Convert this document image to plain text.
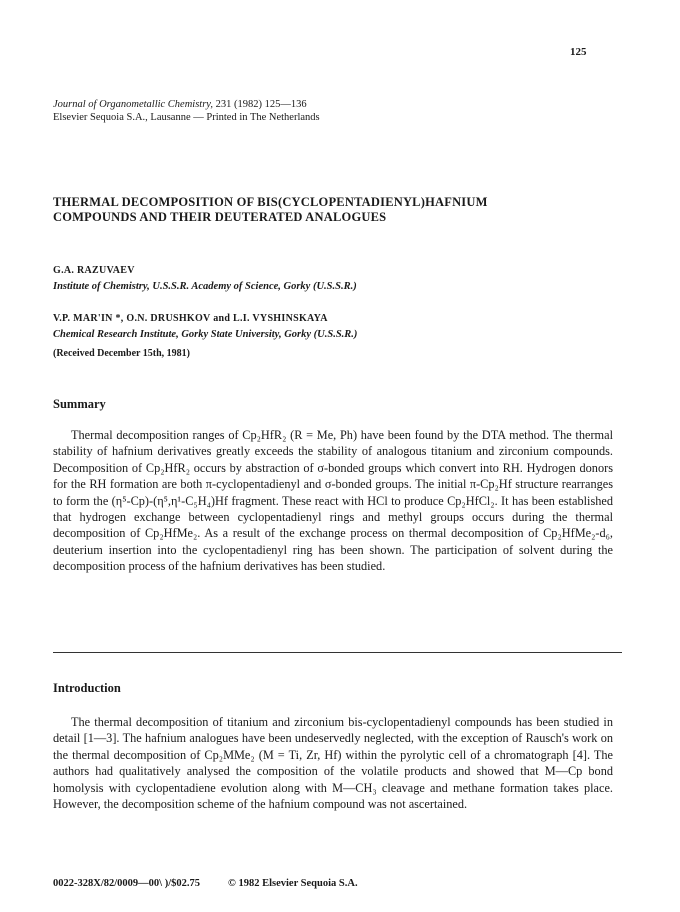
125
Journal of Organometallic Chemistry, 231 (1982) 125—136
Elsevier Sequoia S.A., Lausanne — Printed in The Netherlands
THERMAL DECOMPOSITION OF BIS(CYCLOPENTADIENYL)HAFNIUM
COMPOUNDS AND THEIR DEUTERATED ANALOGUES
G.A. RAZUVAEV
Institute of Chemistry, U.S.S.R. Academy of Science, Gorky (U.S.S.R.)
V.P. MAR'IN *, O.N. DRUSHKOV and L.I. VYSHINSKAYA
Chemical Research Institute, Gorky State University, Gorky (U.S.S.R.)
(Received December 15th, 1981)
Summary
Thermal decomposition ranges of Cp₂HfR₂ (R = Me, Ph) have been found by the DTA method. The thermal stability of hafnium derivatives greatly exceeds the stability of analogous titanium and zirconium compounds. Decomposition of Cp₂HfR₂ occurs by abstraction of σ-bonded groups which convert into RH. Hydrogen donors for the RH formation are both π-cyclopentadienyl and σ-bonded groups. The initial π-Cp₂Hf structure rearranges to form the (η⁵-Cp)-(η⁵,η¹-C₅H₄)Hf fragment. These react with HCl to produce Cp₂HfCl₂. It has been established that hydrogen exchange between cyclopentadienyl rings and methyl groups occurs during the thermal decomposition of Cp₂HfMe₂. As a result of the exchange process on thermal decomposition of Cp₂HfMe₂-d₆, deuterium insertion into the cyclopentadienyl ring has been shown. The participation of solvent during the decomposition process of the hafnium derivatives has been studied.
Introduction
The thermal decomposition of titanium and zirconium bis-cyclopentadienyl compounds has been studied in detail [1—3]. The hafnium analogues have been undeservedly neglected, with the exception of Rausch's work on the thermal decomposition of Cp₂MMe₂ (M = Ti, Zr, Hf) within the pyrolytic cell of a chromatograph [4]. The authors had qualitatively analysed the composition of the volatile products and showed that M—Cp bond homolysis with cyclopentadiene evolution along with M—CH₃ cleavage and methane formation takes place. However, the decomposition scheme of the hafnium compound was not ascertained.
0022-328X/82/0009—00\ )/$02.75	© 1982 Elsevier Sequoia S.A.
